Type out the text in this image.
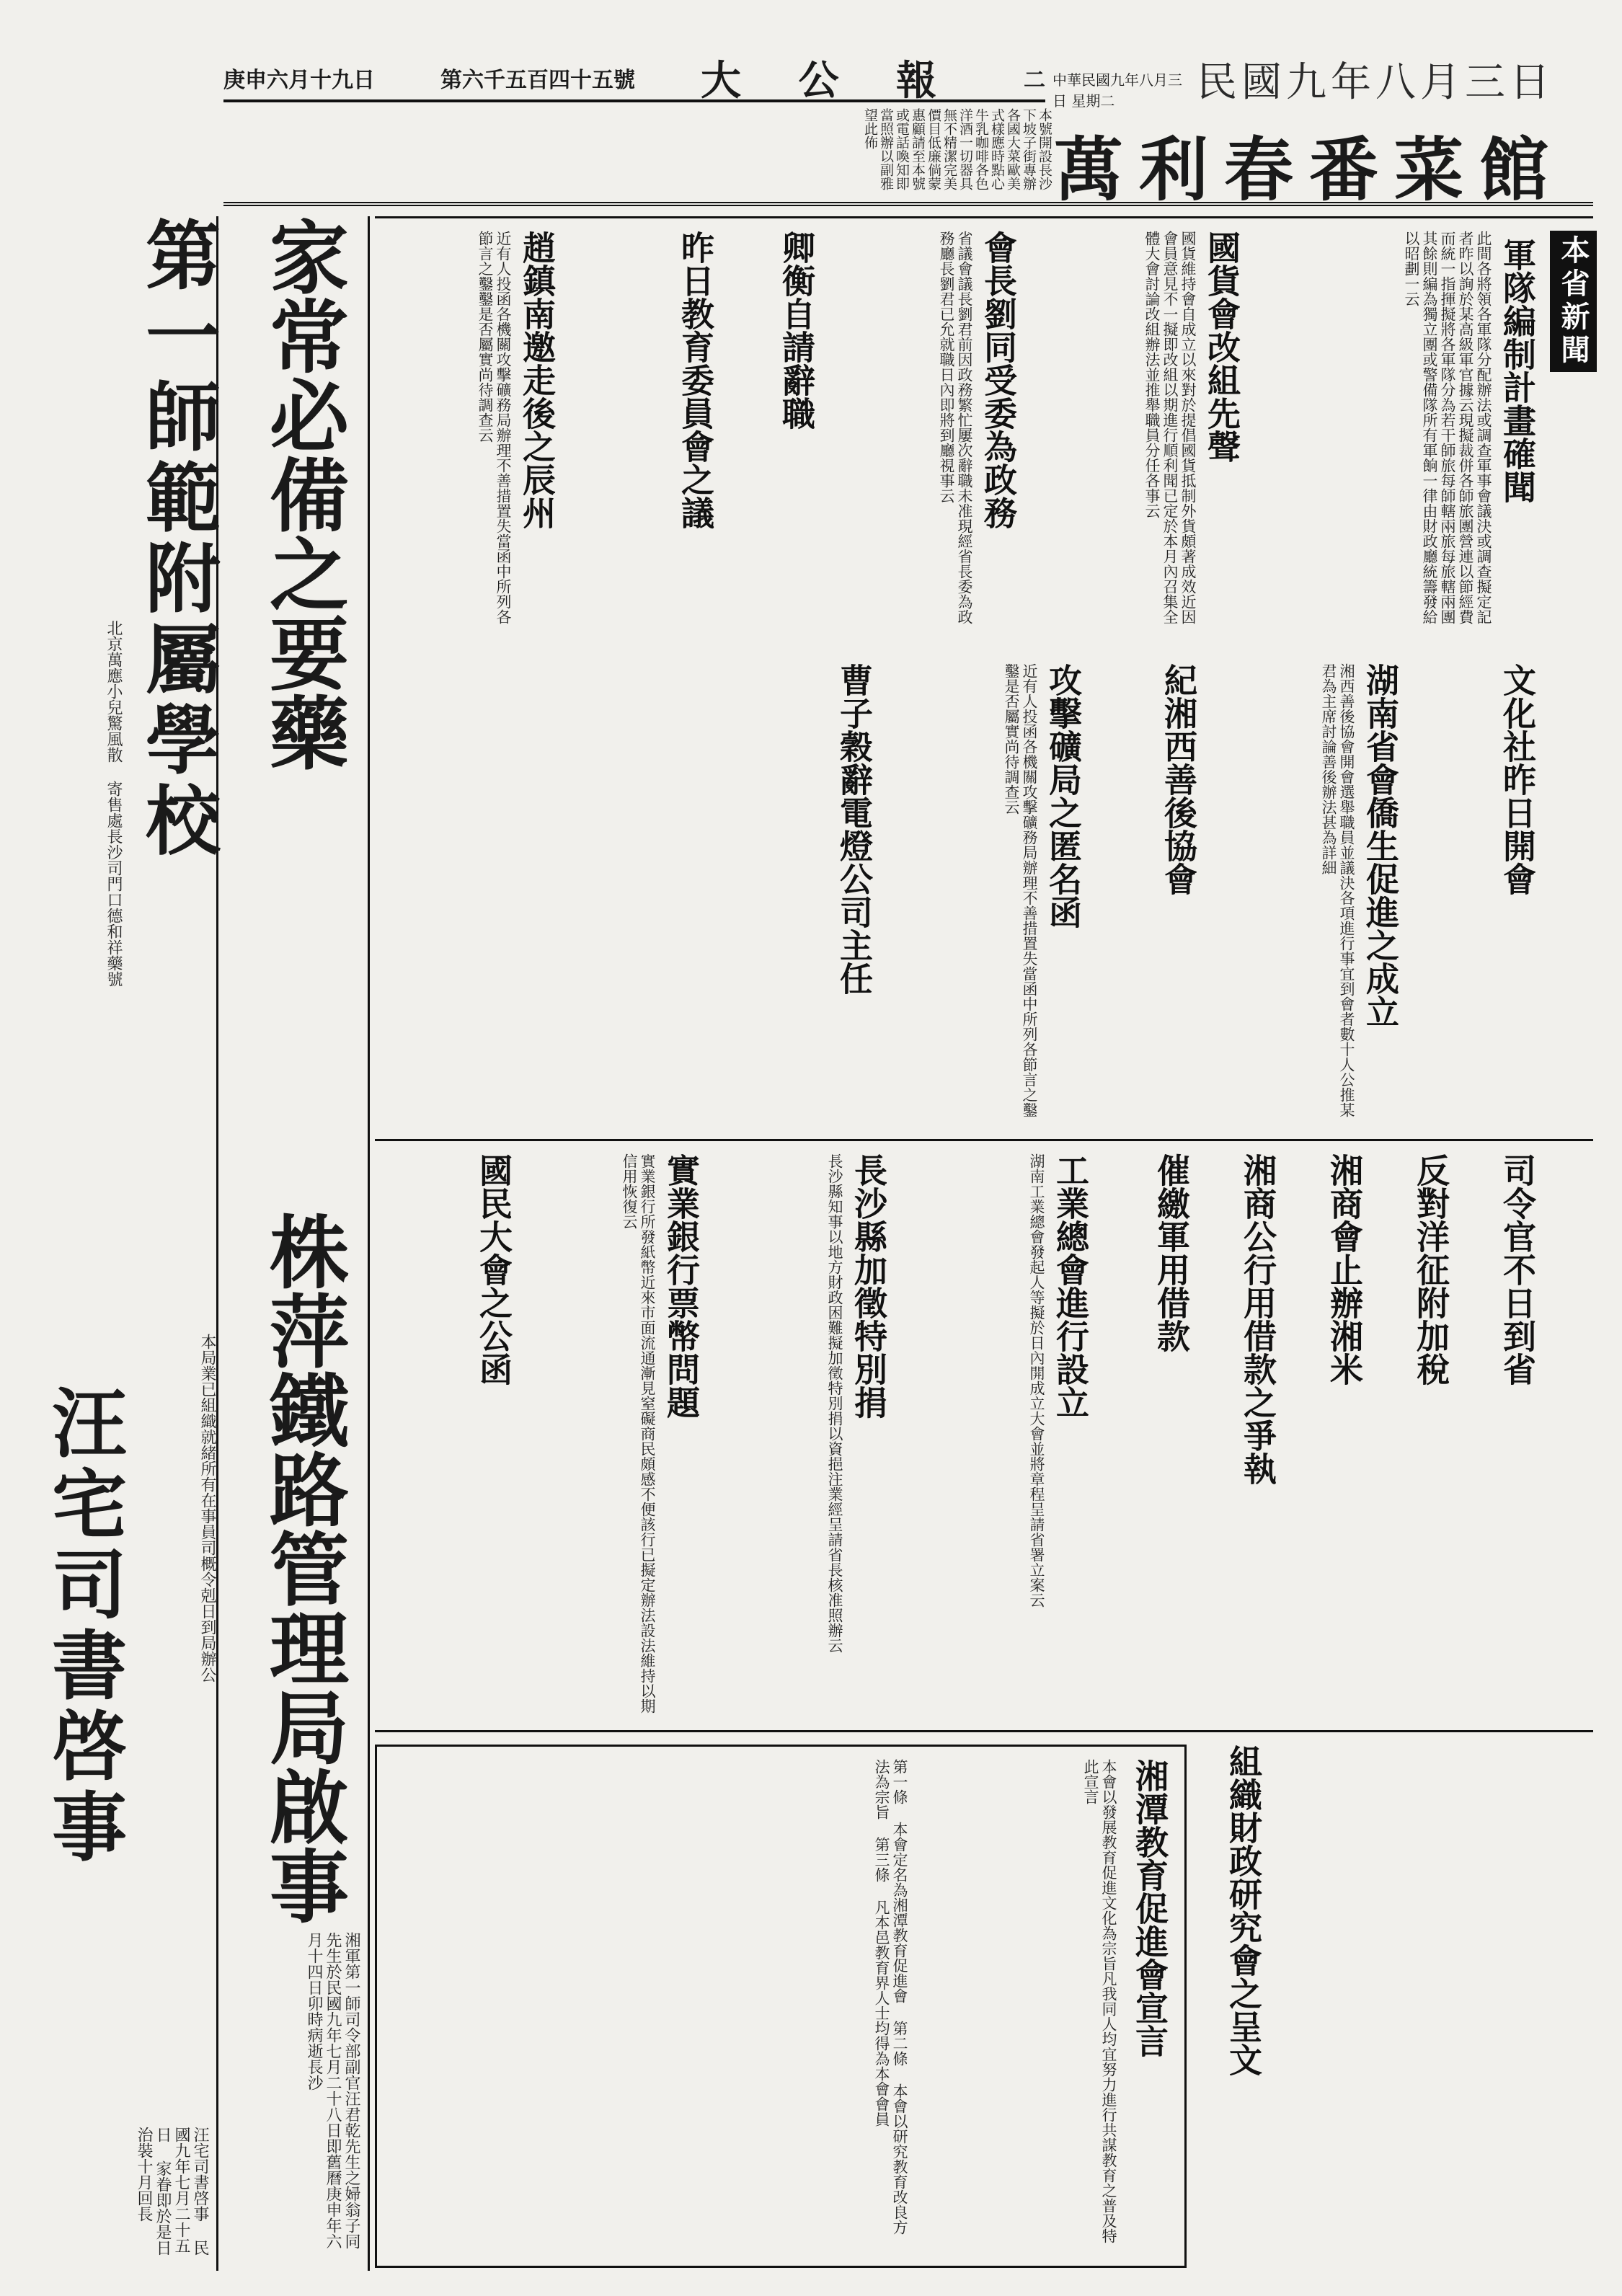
民國九年八月三日
庚申六月十九日	第六千五百四十五號 大 公 報	二 中華民國九年八月三日 星期二
本號開設長沙下坡子街專辦各國大菜歐美式樣應時點心牛乳咖啡各色洋酒一切器具無不精潔完美價目低廉倘蒙惠顧請至本號或電話喚知即當照辦以副雅望此佈
萬利春番菜館
第一師範附屬學校
汪宅司書啓事
北京萬應小兒驚風散 寄售處長沙司門口德和祥藥號
汪宅司書啓事 民國九年七月二十五日 家眷即於是日治裝十月回長
家常必備之要藥
株萍鐵路管理局啟事
本局業已組織就緒所有在事員司概令剋日到局辦公
湘軍第一師司令部副官汪君乾先生之婦翁子同先生於民國九年七月二十八日即舊曆庚申年六月十四日卯時病逝長沙
本省新聞
軍隊編制計畫確聞
此間各將領各軍隊分配辦法或調查軍事會議決或調查擬定記者昨以詢於某高級軍官據云現擬裁併各師旅團營連以節經費而統一指揮擬將各軍隊分為若干師旅每師轄兩旅每旅轄兩團其餘則編為獨立團或警備隊所有軍餉一律由財政廳統籌發給以昭劃一云
國貨會改組先聲
國貨維持會自成立以來對於提倡國貨抵制外貨頗著成效近因會員意見不一擬即改組以期進行順利聞已定於本月內召集全體大會討論改組辦法並推舉職員分任各事云
會長劉同受委為政務
省議會議長劉君前因政務繁忙屢次辭職未准現經省長委為政務廳長劉君已允就職日內即將到廳視事云
卿衡自請辭職
昨日教育委員會之議
趙鎮南邀走後之辰州
近有人投函各機關攻擊礦務局辦理不善措置失當函中所列各節言之鑿鑿是否屬實尚待調查云
文化社昨日開會
湖南省會僑生促進之成立
湘西善後協會開會選舉職員並議決各項進行事宜到會者數十人公推某君為主席討論善後辦法甚為詳細
紀湘西善後協會
攻擊礦局之匿名函
近有人投函各機關攻擊礦務局辦理不善措置失當函中所列各節言之鑿鑿是否屬實尚待調查云
曹子穀辭電燈公司主任
司令官不日到省
反對洋征附加稅
湘商會止辦湘米
湘商公行用借款之爭執
催繳軍用借款
工業總會進行設立
湖南工業總會發起人等擬於日內開成立大會並將章程呈請省署立案云
長沙縣加徵特別捐
長沙縣知事以地方財政困難擬加徵特別捐以資挹注業經呈請省長核准照辦云
實業銀行票幣問題
實業銀行所發紙幣近來市面流通漸見窒礙商民頗感不便該行已擬定辦法設法維持以期信用恢復云
國民大會之公函
組織財政研究會之呈文
湘潭教育促進會宣言
本會以發展教育促進文化為宗旨凡我同人均宜努力進行共謀教育之普及特此宣言
第一條 本會定名為湘潭教育促進會 第二條 本會以研究教育改良方法為宗旨 第三條 凡本邑教育界人士均得為本會會員
